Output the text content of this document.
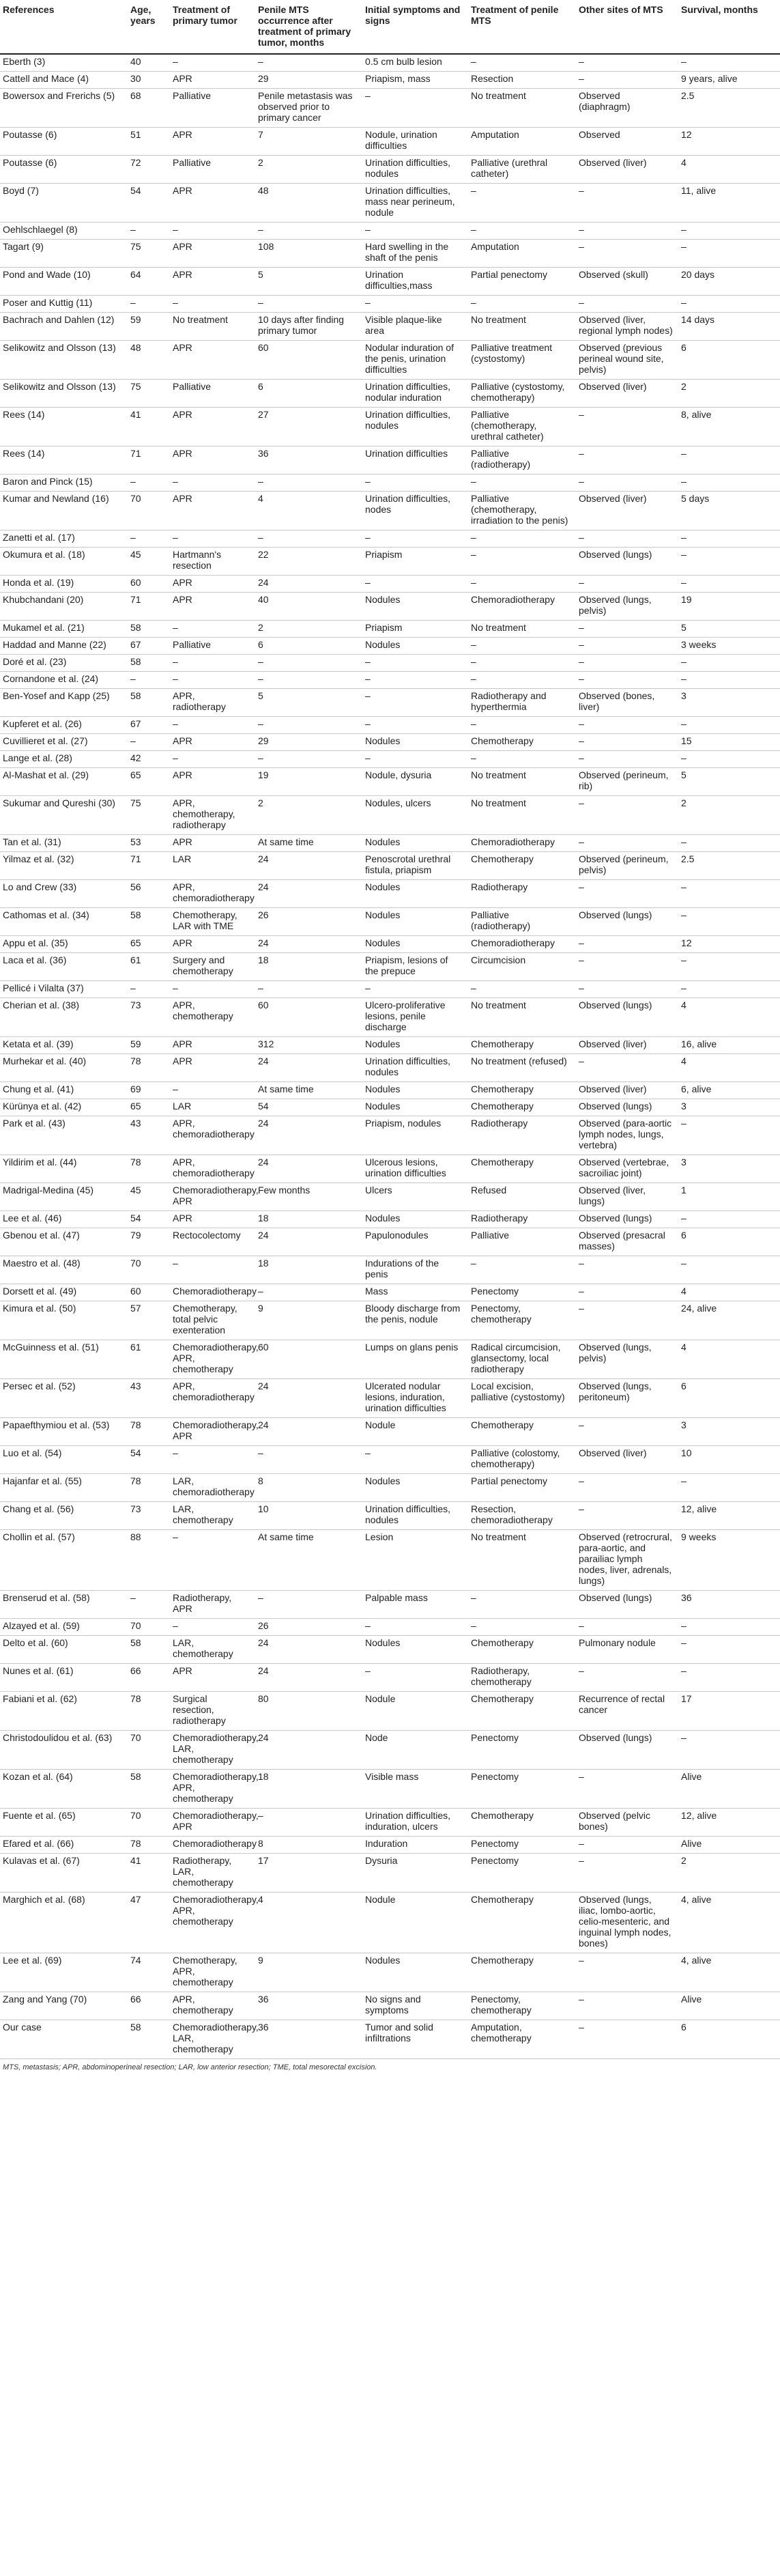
References	Age, years	Treatment of primary tumor	Penile MTS occurrence after treatment of primary tumor, months	Initial symptoms and signs	Treatment of penile MTS	Other sites of MTS	Survival, months
Eberth (3)	40	–	–	0.5 cm bulb lesion	–	–	–
Cattell and Mace (4)	30	APR	29	Priapism, mass	Resection	–	9 years, alive
Bowersox and Frerichs (5)	68	Palliative	Penile metastasis was observed prior to primary cancer	–	No treatment	Observed (diaphragm)	2.5
Poutasse (6)	51	APR	7	Nodule, urination difficulties	Amputation	Observed	12
Poutasse (6)	72	Palliative	2	Urination difficulties, nodules	Palliative (urethral catheter)	Observed (liver)	4
Boyd (7)	54	APR	48	Urination difficulties, mass near perineum, nodule	–	–	11, alive
Oehlschlaegel (8)	–	–	–	–	–	–	–
Tagart (9)	75	APR	108	Hard swelling in the shaft of the penis	Amputation	–	–
Pond and Wade (10)	64	APR	5	Urination difficulties,mass	Partial penectomy	Observed (skull)	20 days
Poser and Kuttig (11)	–	–	–	–	–	–	–
Bachrach and Dahlen (12)	59	No treatment	10 days after finding primary tumor	Visible plaque-like area	No treatment	Observed (liver, regional lymph nodes)	14 days
Selikowitz and Olsson (13)	48	APR	60	Nodular induration of the penis, urination difficulties	Palliative treatment (cystostomy)	Observed (previous perineal wound site, pelvis)	6
Selikowitz and Olsson (13)	75	Palliative	6	Urination difficulties, nodular induration	Palliative (cystostomy, chemotherapy)	Observed (liver)	2
Rees (14)	41	APR	27	Urination difficulties, nodules	Palliative (chemotherapy, urethral catheter)	–	8, alive
Rees (14)	71	APR	36	Urination difficulties	Palliative (radiotherapy)	–	–
Baron and Pinck (15)	–	–	–	–	–	–	–
Kumar and Newland (16)	70	APR	4	Urination difficulties, nodes	Palliative (chemotherapy, irradiation to the penis)	Observed (liver)	5 days
Zanetti et al. (17)	–	–	–	–	–	–	–
Okumura et al. (18)	45	Hartmann's resection	22	Priapism	–	Observed (lungs)	–
Honda et al. (19)	60	APR	24	–	–	–	–
Khubchandani (20)	71	APR	40	Nodules	Chemoradiotherapy	Observed (lungs, pelvis)	19
Mukamel et al. (21)	58	–	2	Priapism	No treatment	–	5
Haddad and Manne (22)	67	Palliative	6	Nodules	–	–	3 weeks
Doré et al. (23)	58	–	–	–	–	–	–
Cornandone et al. (24)	–	–	–	–	–	–	–
Ben-Yosef and Kapp (25)	58	APR, radiotherapy	5	–	Radiotherapy and hyperthermia	Observed (bones, liver)	3
Kupferet et al. (26)	67	–	–	–	–	–	–
Cuvillieret et al. (27)	–	APR	29	Nodules	Chemotherapy	–	15
Lange et al. (28)	42	–	–	–	–	–	–
Al-Mashat et al. (29)	65	APR	19	Nodule, dysuria	No treatment	Observed (perineum, rib)	5
Sukumar and Qureshi (30)	75	APR, chemotherapy, radiotherapy	2	Nodules, ulcers	No treatment	–	2
Tan et al. (31)	53	APR	At same time	Nodules	Chemoradiotherapy	–	–
Yilmaz et al. (32)	71	LAR	24	Penoscrotal urethral fistula, priapism	Chemotherapy	Observed (perineum, pelvis)	2.5
Lo and Crew (33)	56	APR, chemoradiotherapy	24	Nodules	Radiotherapy	–	–
Cathomas et al. (34)	58	Chemotherapy, LAR with TME	26	Nodules	Palliative (radiotherapy)	Observed (lungs)	–
Appu et al. (35)	65	APR	24	Nodules	Chemoradiotherapy	–	12
Laca et al. (36)	61	Surgery and chemotherapy	18	Priapism, lesions of the prepuce	Circumcision	–	–
Pellicé i Vilalta (37)	–	–	–	–	–	–	–
Cherian et al. (38)	73	APR, chemotherapy	60	Ulcero-proliferative lesions, penile discharge	No treatment	Observed (lungs)	4
Ketata et al. (39)	59	APR	312	Nodules	Chemotherapy	Observed (liver)	16, alive
Murhekar et al. (40)	78	APR	24	Urination difficulties, nodules	No treatment (refused)	–	4
Chung et al. (41)	69	–	At same time	Nodules	Chemotherapy	Observed (liver)	6, alive
Kürünya et al. (42)	65	LAR	54	Nodules	Chemotherapy	Observed (lungs)	3
Park et al. (43)	43	APR, chemoradiotherapy	24	Priapism, nodules	Radiotherapy	Observed (para-aortic lymph nodes, lungs, vertebra)	–
Yildirim et al. (44)	78	APR, chemoradiotherapy	24	Ulcerous lesions, urination difficulties	Chemotherapy	Observed (vertebrae, sacroiliac joint)	3
Madrigal-Medina (45)	45	Chemoradiotherapy, APR	Few months	Ulcers	Refused	Observed (liver, lungs)	1
Lee et al. (46)	54	APR	18	Nodules	Radiotherapy	Observed (lungs)	–
Gbenou et al. (47)	79	Rectocolectomy	24	Papulonodules	Palliative	Observed (presacral masses)	6
Maestro et al. (48)	70	–	18	Indurations of the penis	–	–	–
Dorsett et al. (49)	60	Chemoradiotherapy	–	Mass	Penectomy	–	4
Kimura et al. (50)	57	Chemotherapy, total pelvic exenteration	9	Bloody discharge from the penis, nodule	Penectomy, chemotherapy	–	24, alive
McGuinness et al. (51)	61	Chemoradiotherapy, APR, chemotherapy	60	Lumps on glans penis	Radical circumcision, glansectomy, local radiotherapy	Observed (lungs, pelvis)	4
Persec et al. (52)	43	APR, chemoradiotherapy	24	Ulcerated nodular lesions, induration, urination difficulties	Local excision, palliative (cystostomy)	Observed (lungs, peritoneum)	6
Papaefthymiou et al. (53)	78	Chemoradiotherapy, APR	24	Nodule	Chemotherapy	–	3
Luo et al. (54)	54	–	–	–	Palliative (colostomy, chemotherapy)	Observed (liver)	10
Hajanfar et al. (55)	78	LAR, chemoradiotherapy	8	Nodules	Partial penectomy	–	–
Chang et al. (56)	73	LAR, chemotherapy	10	Urination difficulties, nodules	Resection, chemoradiotherapy	–	12, alive
Chollin et al. (57)	88	–	At same time	Lesion	No treatment	Observed (retrocrural, para-aortic, and parailiac lymph nodes, liver, adrenals, lungs)	9 weeks
Brenserud et al. (58)	–	Radiotherapy, APR	–	Palpable mass	–	Observed (lungs)	36
Alzayed et al. (59)	70	–	26	–	–	–	–
Delto et al. (60)	58	LAR, chemotherapy	24	Nodules	Chemotherapy	Pulmonary nodule	–
Nunes et al. (61)	66	APR	24	–	Radiotherapy, chemotherapy	–	–
Fabiani et al. (62)	78	Surgical resection, radiotherapy	80	Nodule	Chemotherapy	Recurrence of rectal cancer	17
Christodoulidou et al. (63)	70	Chemoradiotherapy, LAR, chemotherapy	24	Node	Penectomy	Observed (lungs)	–
Kozan et al. (64)	58	Chemoradiotherapy, APR, chemotherapy	18	Visible mass	Penectomy	–	Alive
Fuente et al. (65)	70	Chemoradiotherapy, APR	–	Urination difficulties, induration, ulcers	Chemotherapy	Observed (pelvic bones)	12, alive
Efared et al. (66)	78	Chemoradiotherapy	8	Induration	Penectomy	–	Alive
Kulavas et al. (67)	41	Radiotherapy, LAR, chemotherapy	17	Dysuria	Penectomy	–	2
Marghich et al. (68)	47	Chemoradiotherapy, APR, chemotherapy	4	Nodule	Chemotherapy	Observed (lungs, iliac, lombo-aortic, celio-mesenteric, and inguinal lymph nodes, bones)	4, alive
Lee et al. (69)	74	Chemotherapy, APR, chemotherapy	9	Nodules	Chemotherapy	–	4, alive
Zang and Yang (70)	66	APR, chemotherapy	36	No signs and symptoms	Penectomy, chemotherapy	–	Alive
Our case	58	Chemoradiotherapy, LAR, chemotherapy	36	Tumor and solid infiltrations	Amputation, chemotherapy	–	6
MTS, metastasis; APR, abdominoperineal resection; LAR, low anterior resection; TME, total mesorectal excision.
